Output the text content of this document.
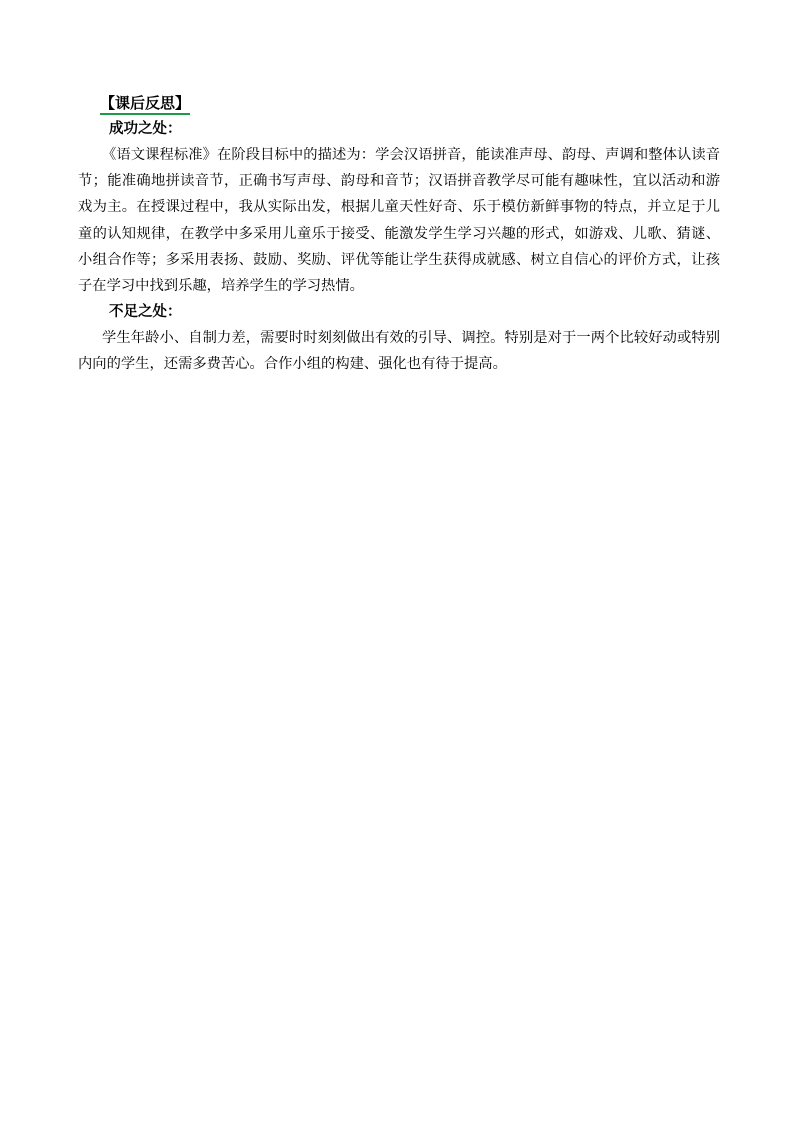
【课后反思】
成功之处：

《语文课程标准》在阶段目标中的描述为：学会汉语拼音，能读准声母、韵母、声调和整体认读音节；能准确地拼读音节，正确书写声母、韵母和音节；汉语拼音教学尽可能有趣味性，宜以活动和游戏为主。在授课过程中，我从实际出发，根据儿童天性好奇、乐于模仿新鲜事物的特点，并立足于儿童的认知规律，在教学中多采用儿童乐于接受、能激发学生学习兴趣的形式，如游戏、儿歌、猜谜、小组合作等；多采用表扬、鼓励、奖励、评优等能让学生获得成就感、树立自信心的评价方式，让孩子在学习中找到乐趣，培养学生的学习热情。

不足之处：

学生年龄小、自制力差，需要时时刻刻做出有效的引导、调控。特别是对于一两个比较好动或特别内向的学生，还需多费苦心。合作小组的构建、强化也有待于提高。
